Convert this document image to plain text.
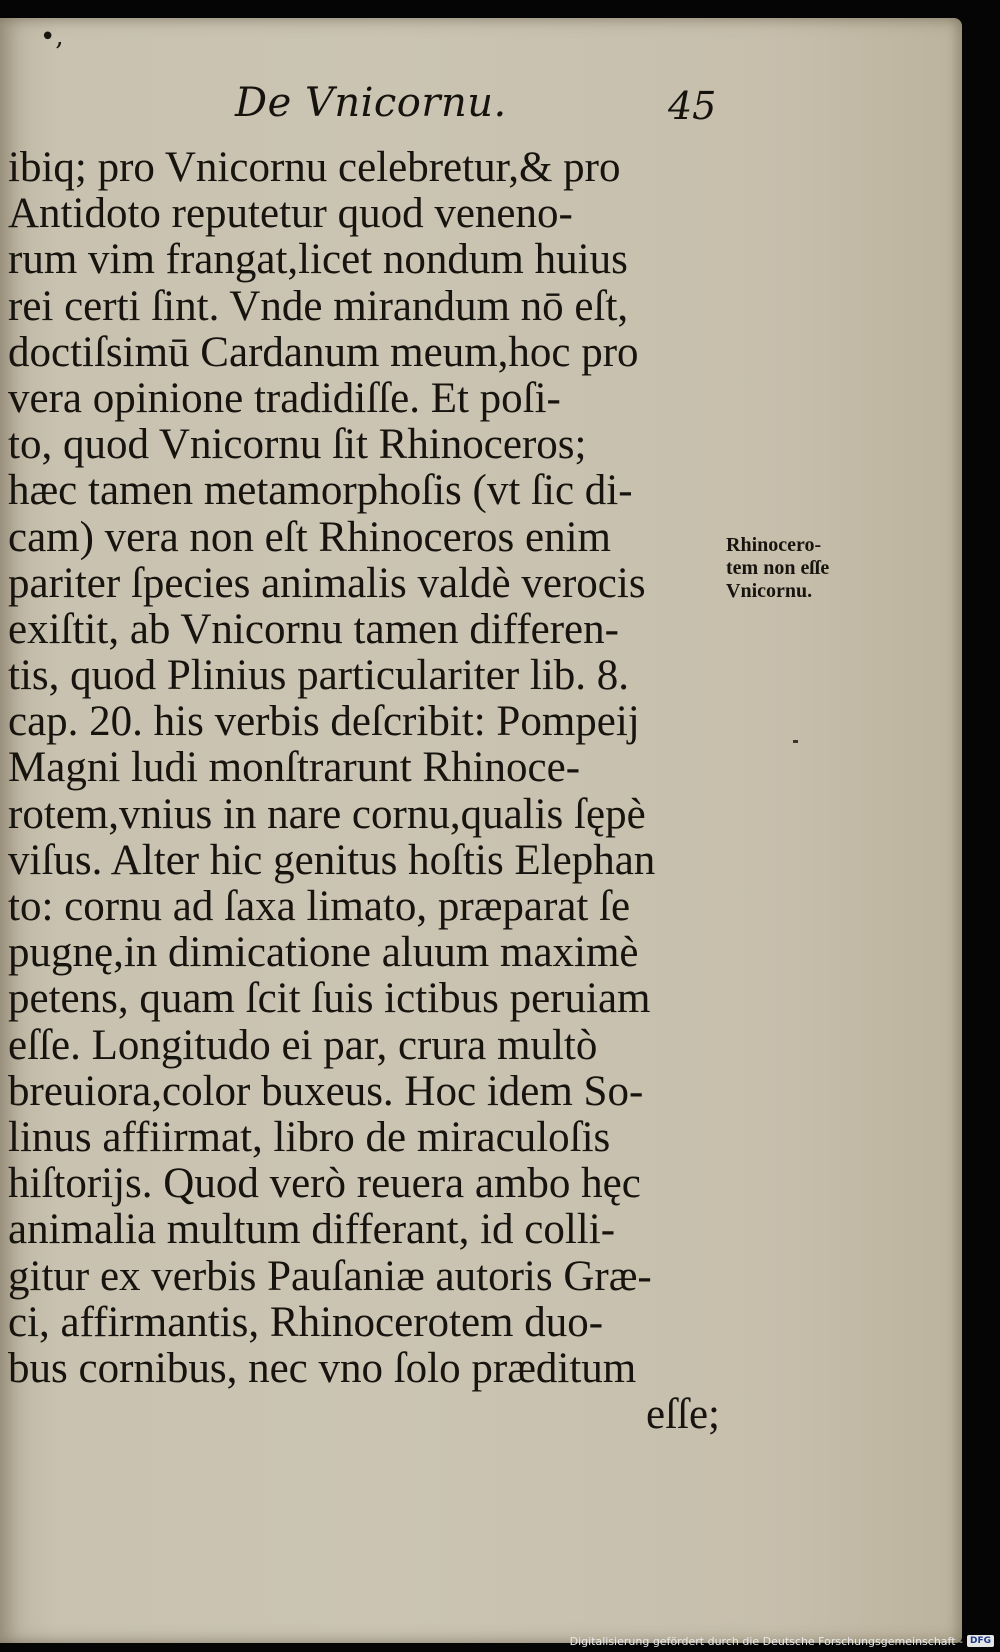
•,
De Vnicornu.	45
ibiq; pro Vnicornu celebretur,& pro
Antidoto reputetur quod veneno-
rum vim frangat,licet nondum huius
rei certi ſint. Vnde mirandum nō eſt,
doctiſsimū Cardanum meum,hoc pro
vera opinione tradidiſſe. Et poſi-
to, quod Vnicornu ſit Rhinoceros;
hæc tamen metamorphoſis (vt ſic di-
cam) vera non eſt Rhinoceros enim
pariter ſpecies animalis valdè verocis
exiſtit, ab Vnicornu tamen differen-
tis, quod Plinius particulariter lib. 8.
cap. 20. his verbis deſcribit: Pompeij
Magni ludi monſtrarunt Rhinoce-
rotem,vnius in nare cornu,qualis ſępè
viſus. Alter hic genitus hoſtis Elephan
to: cornu ad ſaxa limato, præparat ſe
pugnę,in dimicatione aluum maximè
petens, quam ſcit ſuis ictibus peruiam
eſſe. Longitudo ei par, crura multò
breuiora,color buxeus. Hoc idem So-
linus affiirmat, libro de miraculoſis
hiſtorijs. Quod verò reuera ambo hęc
animalia multum differant, id colli-
gitur ex verbis Pauſaniæ autoris Græ-
ci, affirmantis, Rhinocerotem duo-
bus cornibus, nec vno ſolo præditum
eſſe;
Rhinocero-
tem non eſſe
Vnicornu.
Digitalisierung gefördert durch die Deutsche Forschungsgemeinschaft - DFG
